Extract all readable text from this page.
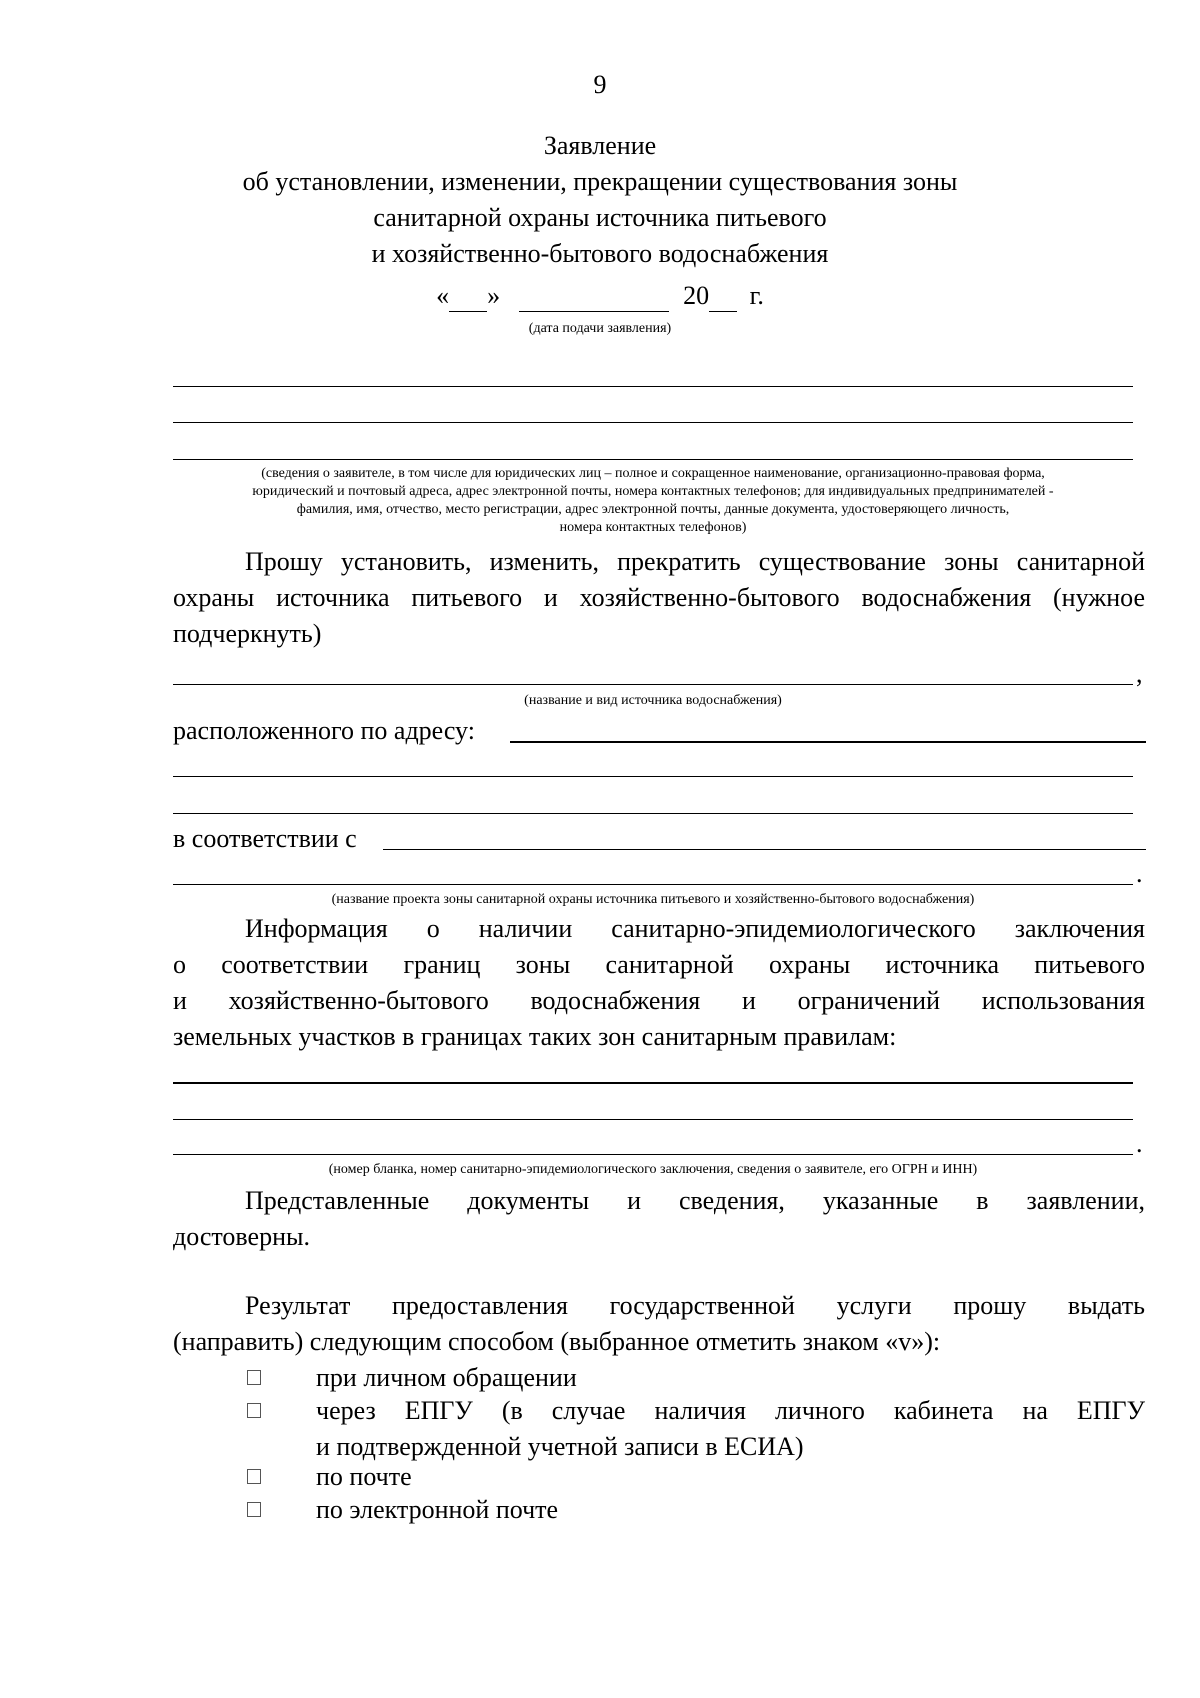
9
Заявление
об установлении, изменении, прекращении существования зоны
санитарной охраны источника питьевого
и хозяйственно-бытового водоснабжения
« »	20 г.
(дата подачи заявления)
(сведения о заявителе, в том числе для юридических лиц – полное и сокращенное наименование, организационно-правовая форма,
юридический и почтовый адреса, адрес электронной почты, номера контактных телефонов; для индивидуальных предпринимателей -
фамилия, имя, отчество, место регистрации, адрес электронной почты, данные документа, удостоверяющего личность,
номера контактных телефонов)
Прошу установить, изменить, прекратить существование зоны санитарной
охраны источника питьевого и хозяйственно-бытового водоснабжения (нужное
подчеркнуть)
,
(название и вид источника водоснабжения)
расположенного по адресу:
в соответствии с
.
(название проекта зоны санитарной охраны источника питьевого и хозяйственно-бытового водоснабжения)
Информация о наличии санитарно-эпидемиологического заключения
о соответствии границ зоны санитарной охраны источника питьевого
и хозяйственно-бытового водоснабжения и ограничений использования
земельных участков в границах таких зон санитарным правилам:
.
(номер бланка, номер санитарно-эпидемиологического заключения, сведения о заявителе, его ОГРН и ИНН)
Представленные документы и сведения, указанные в заявлении,
достоверны.
Результат предоставления государственной услуги прошу выдать
(направить) следующим способом (выбранное отметить знаком «v»):
при личном обращении
через ЕПГУ (в случае наличия личного кабинета на ЕПГУ
и подтвержденной учетной записи в ЕСИА)
по почте
по электронной почте
